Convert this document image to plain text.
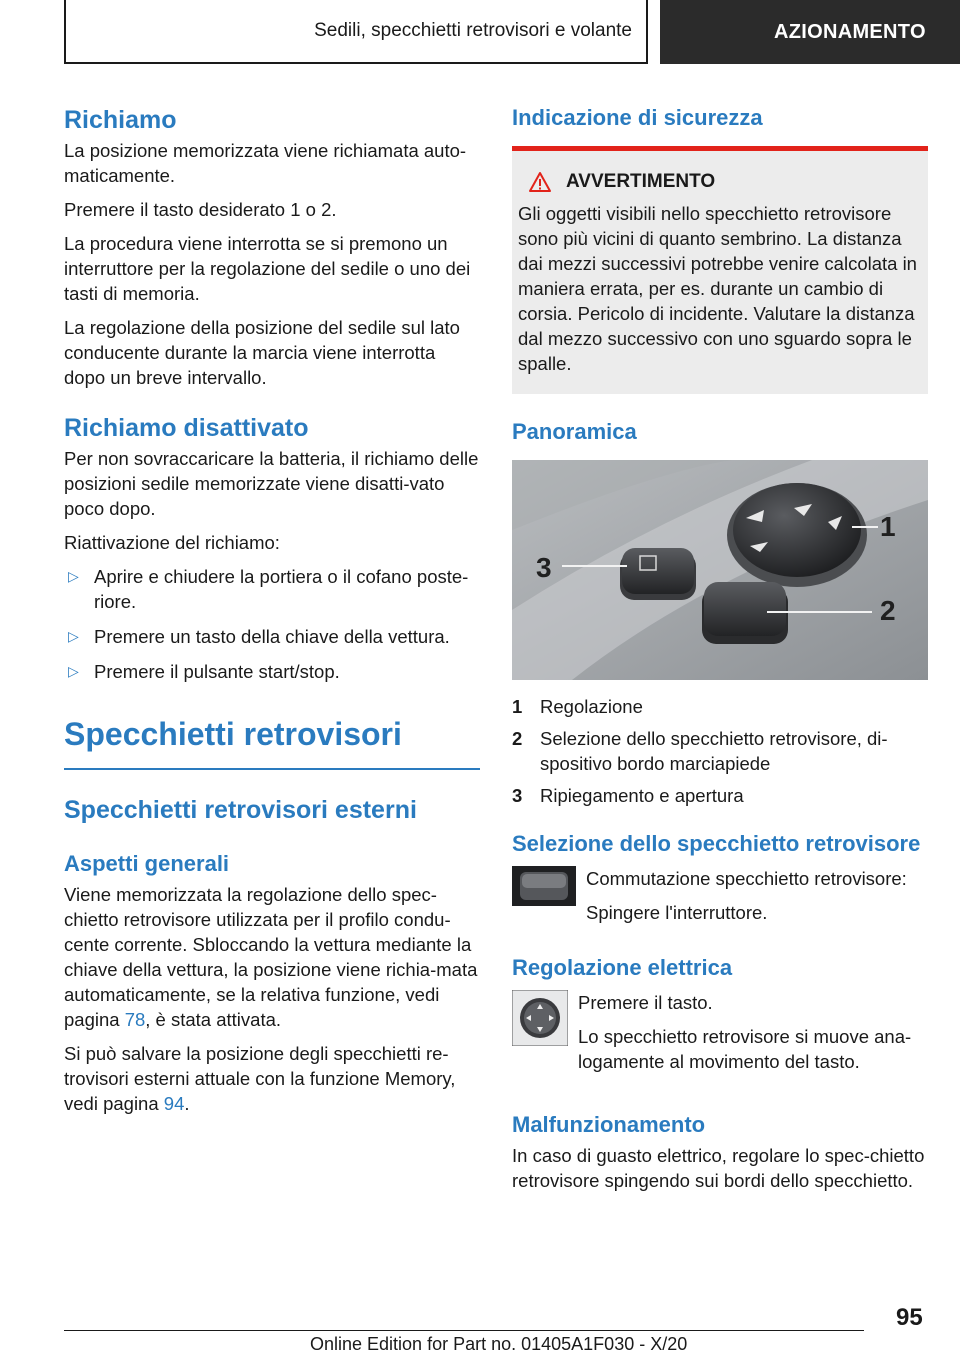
Sedili, specchietti retrovisori e volante	AZIONAMENTO
Richiamo

La posizione memorizzata viene richiamata auto-maticamente.

Premere il tasto desiderato 1 o 2.

La procedura viene interrotta se si premono un interruttore per la regolazione del sedile o uno dei tasti di memoria.

La regolazione della posizione del sedile sul lato conducente durante la marcia viene interrotta dopo un breve intervallo.

Richiamo disattivato

Per non sovraccaricare la batteria, il richiamo delle posizioni sedile memorizzate viene disatti-vato poco dopo.

Riattivazione del richiamo:

▷ Aprire e chiudere la portiera o il cofano poste-riore.
▷ Premere un tasto della chiave della vettura.
▷ Premere il pulsante start/stop.
Specchietti retrovisori
Specchietti retrovisori esterni
Aspetti generali

Viene memorizzata la regolazione dello spec-chietto retrovisore utilizzata per il profilo condu-cente corrente. Sbloccando la vettura mediante la chiave della vettura, la posizione viene richia-mata automaticamente, se la relativa funzione, vedi pagina 78, è stata attivata.

Si può salvare la posizione degli specchietti re-trovisori esterni attuale con la funzione Memory, vedi pagina 94.

Indicazione di sicurezza
AVVERTIMENTO

Gli oggetti visibili nello specchietto retrovisore sono più vicini di quanto sembrino. La distanza dai mezzi successivi potrebbe venire calcolata in maniera errata, per es. durante un cambio di corsia. Pericolo di incidente. Valutare la distanza dal mezzo successivo con uno sguardo sopra le spalle.

Panoramica
1
2
3
1 Regolazione
2 Selezione dello specchietto retrovisore, di-spositivo bordo marciapiede
3 Ripiegamento e apertura
Selezione dello specchietto retrovisore

Commutazione specchietto retrovisore:

Spingere l'interruttore.

Regolazione elettrica

Premere il tasto.

Lo specchietto retrovisore si muove ana-logamente al movimento del tasto.

Malfunzionamento

In caso di guasto elettrico, regolare lo spec-chietto retrovisore spingendo sui bordi dello specchietto.

95
Online Edition for Part no. 01405A1F030 - X/20
